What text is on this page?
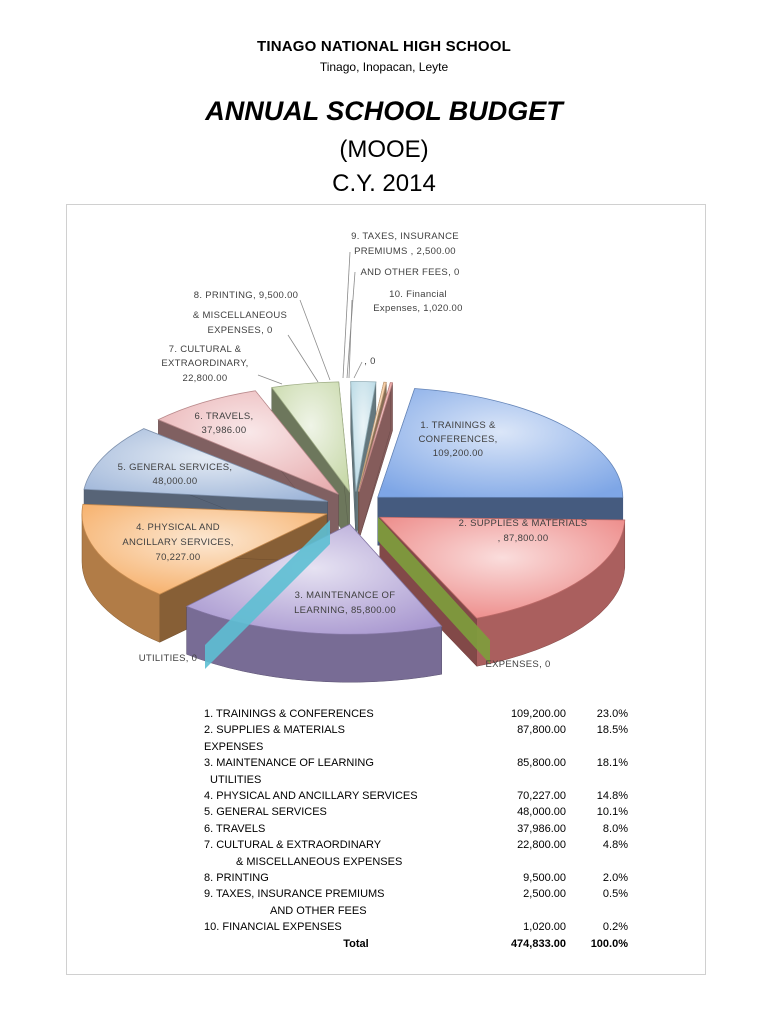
TINAGO NATIONAL HIGH SCHOOL
Tinago, Inopacan, Leyte
ANNUAL SCHOOL BUDGET
(MOOE)
C.Y. 2014
1. TRAININGS &
CONFERENCES,
109,200.00
2. SUPPLIES & MATERIALS
, 87,800.00
3. MAINTENANCE OF
LEARNING, 85,800.00
4. PHYSICAL AND
ANCILLARY SERVICES,
70,227.00
5. GENERAL SERVICES,
48,000.00
6. TRAVELS,
37,986.00
7. CULTURAL &
EXTRAORDINARY,
22,800.00
& MISCELLANEOUS
EXPENSES, 0
8. PRINTING, 9,500.00
9. TAXES, INSURANCE
PREMIUMS , 2,500.00
AND OTHER FEES, 0
10. Financial
Expenses, 1,020.00
, 0
UTILITIES, 0
EXPENSES, 0
1. TRAININGS & CONFERENCES	109,200.00	23.0%
2. SUPPLIES & MATERIALS	87,800.00	18.5%
EXPENSES		
3. MAINTENANCE OF LEARNING	85,800.00	18.1%
UTILITIES		
4. PHYSICAL AND ANCILLARY SERVICES	70,227.00	14.8%
5. GENERAL SERVICES	48,000.00	10.1%
6. TRAVELS	37,986.00	8.0%
7. CULTURAL & EXTRAORDINARY	22,800.00	4.8%
& MISCELLANEOUS EXPENSES		
8. PRINTING	9,500.00	2.0%
9. TAXES, INSURANCE PREMIUMS	2,500.00	0.5%
AND OTHER FEES		
10. FINANCIAL EXPENSES	1,020.00	0.2%
Total	474,833.00	100.0%
